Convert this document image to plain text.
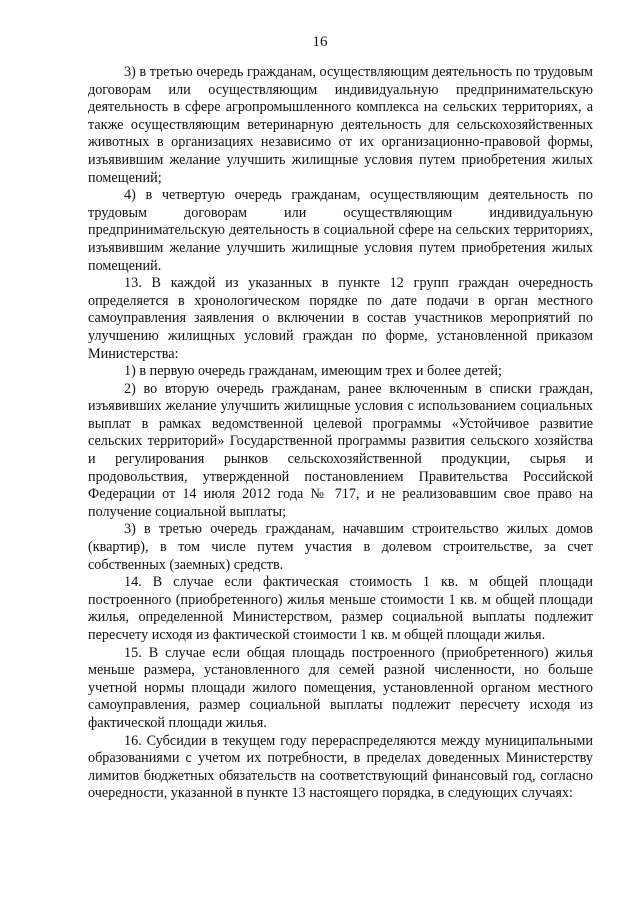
16

3) в третью очередь гражданам, осуществляющим деятельность по трудовым договорам или осуществляющим индивидуальную предпринимательскую деятельность в сфере агропромышленного комплекса на сельских территориях, а также осуществляющим ветеринарную деятельность для сельскохозяйственных животных в организациях независимо от их организационно-правовой формы, изъявившим желание улучшить жилищные условия путем приобретения жилых помещений;

4) в четвертую очередь гражданам, осуществляющим деятельность по трудовым договорам или осуществляющим индивидуальную предпринимательскую деятельность в социальной сфере на сельских территориях, изъявившим желание улучшить жилищные условия путем приобретения жилых помещений.

13. В каждой из указанных в пункте 12 групп граждан очередность определяется в хронологическом порядке по дате подачи в орган местного самоуправления заявления о включении в состав участников мероприятий по улучшению жилищных условий граждан по форме, установленной приказом Министерства:

1) в первую очередь гражданам, имеющим трех и более детей;

2) во вторую очередь гражданам, ранее включенным в списки граждан, изъявивших желание улучшить жилищные условия с использованием социальных выплат в рамках ведомственной целевой программы «Устойчивое развитие сельских территорий» Государственной программы развития сельского хозяйства и регулирования рынков сельскохозяйственной продукции, сырья и продовольствия, утвержденной постановлением Правительства Российской Федерации от 14 июля 2012 года № 717, и не реализовавшим свое право на получение социальной выплаты;

3) в третью очередь гражданам, начавшим строительство жилых домов (квартир), в том числе путем участия в долевом строительстве, за счет собственных (заемных) средств.

14. В случае если фактическая стоимость 1 кв. м общей площади построенного (приобретенного) жилья меньше стоимости 1 кв. м общей площади жилья, определенной Министерством, размер социальной выплаты подлежит пересчету исходя из фактической стоимости 1 кв. м общей площади жилья.

15. В случае если общая площадь построенного (приобретенного) жилья меньше размера, установленного для семей разной численности, но больше учетной нормы площади жилого помещения, установленной органом местного самоуправления, размер социальной выплаты подлежит пересчету исходя из фактической площади жилья.

16. Субсидии в текущем году перераспределяются между муниципальными образованиями с учетом их потребности, в пределах доведенных Министерству лимитов бюджетных обязательств на соответствующий финансовый год, согласно очередности, указанной в пункте 13 настоящего порядка, в следующих случаях:
